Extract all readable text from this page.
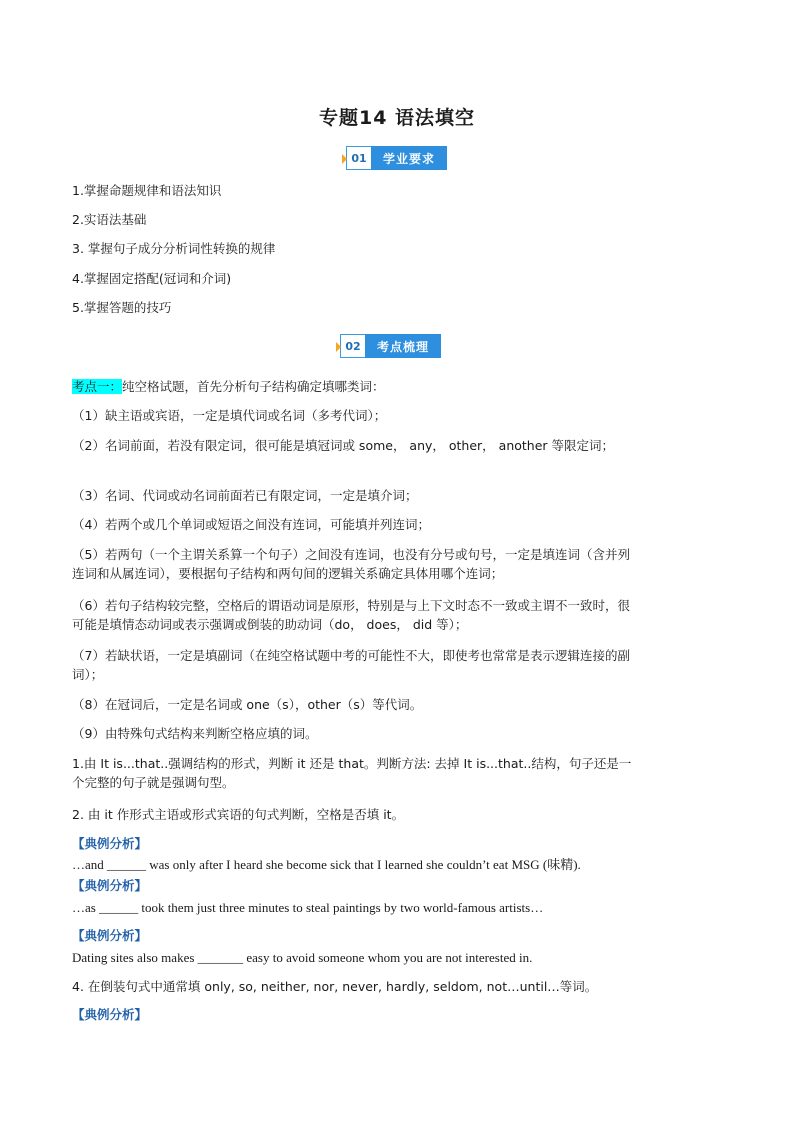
专题14 语法填空
01	学业要求
1.掌握命题规律和语法知识
2.实语法基础
3. 掌握句子成分分析词性转换的规律
4.掌握固定搭配(冠词和介词)
5.掌握答题的技巧
02	考点梳理
考点一：纯空格试题，首先分析句子结构确定填哪类词：
（1）缺主语或宾语，一定是填代词或名词（多考代词）；
（2）名词前面，若没有限定词，很可能是填冠词或 some， any， other， another 等限定词；
（3）名词、代词或动名词前面若已有限定词，一定是填介词；
（4）若两个或几个单词或短语之间没有连词，可能填并列连词；
（5）若两句（一个主谓关系算一个句子）之间没有连词，也没有分号或句号，一定是填连词（含并列连词和从属连词），要根据句子结构和两句间的逻辑关系确定具体用哪个连词；
（6）若句子结构较完整，空格后的谓语动词是原形，特别是与上下文时态不一致或主谓不一致时，很可能是填情态动词或表示强调或倒装的助动词（do， does， did 等）；
（7）若缺状语，一定是填副词（在纯空格试题中考的可能性不大，即使考也常常是表示逻辑连接的副词）；
（8）在冠词后，一定是名词或 one（s），other（s）等代词。
（9）由特殊句式结构来判断空格应填的词。
1.由 It is...that..强调结构的形式，判断 it 还是 that。判断方法: 去掉 It is...that..结构，句子还是一个完整的句子就是强调句型。
2. 由 it 作形式主语或形式宾语的句式判断，空格是否填 it。
【典例分析】
…and ______ was only after I heard she become sick that I learned she couldn’t eat MSG (味精).
【典例分析】
…as ______ took them just three minutes to steal paintings by two world-famous artists…
【典例分析】
Dating sites also makes _______ easy to avoid someone whom you are not interested in.
4. 在倒装句式中通常填 only, so, neither, nor, never, hardly, seldom, not…until…等词。
【典例分析】
